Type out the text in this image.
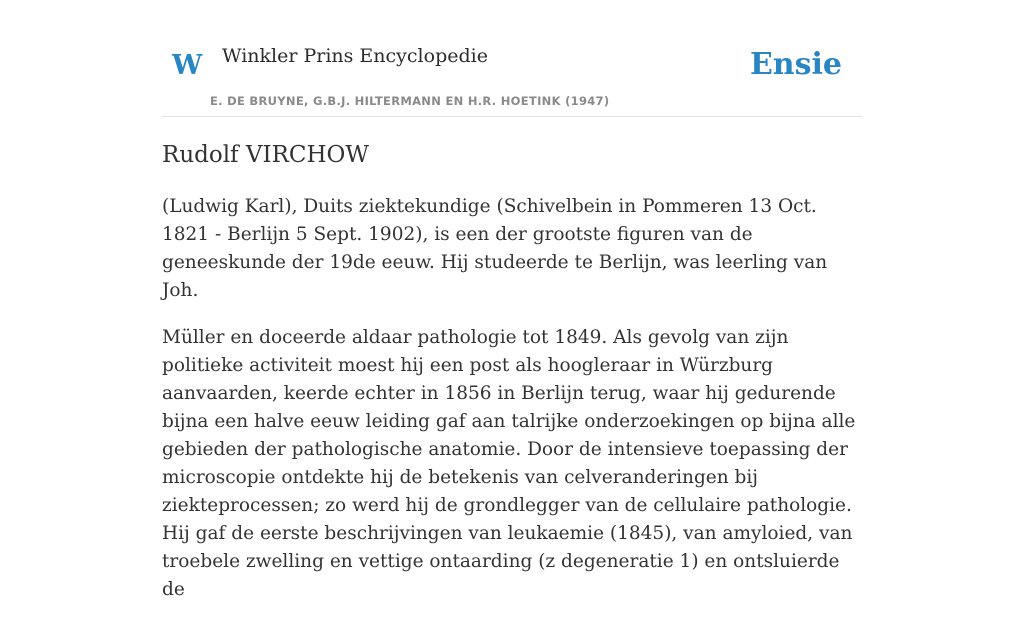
W Winkler Prins Encyclopedie
E. DE BRUYNE, G.B.J. HILTERMANN EN H.R. HOETINK (1947)
Ensie
Rudolf VIRCHOW

(Ludwig Karl), Duits ziektekundige (Schivelbein in Pommeren 13 Oct. 1821 - Berlijn 5 Sept. 1902), is een der grootste figuren van de geneeskunde der 19de eeuw. Hij studeerde te Berlijn, was leerling van Joh.

Müller en doceerde aldaar pathologie tot 1849. Als gevolg van zijn politieke activiteit moest hij een post als hoogleraar in Würzburg aanvaarden, keerde echter in 1856 in Berlijn terug, waar hij gedurende bijna een halve eeuw leiding gaf aan talrijke onderzoekingen op bijna alle gebieden der pathologische anatomie. Door de intensieve toepassing der microscopie ontdekte hij de betekenis van celveranderingen bij ziekteprocessen; zo werd hij de grondlegger van de cellulaire pathologie. Hij gaf de eerste beschrijvingen van leukaemie (1845), van amyloied, van troebele zwelling en vettige ontaarding (z degeneratie 1) en ontsluierde de
